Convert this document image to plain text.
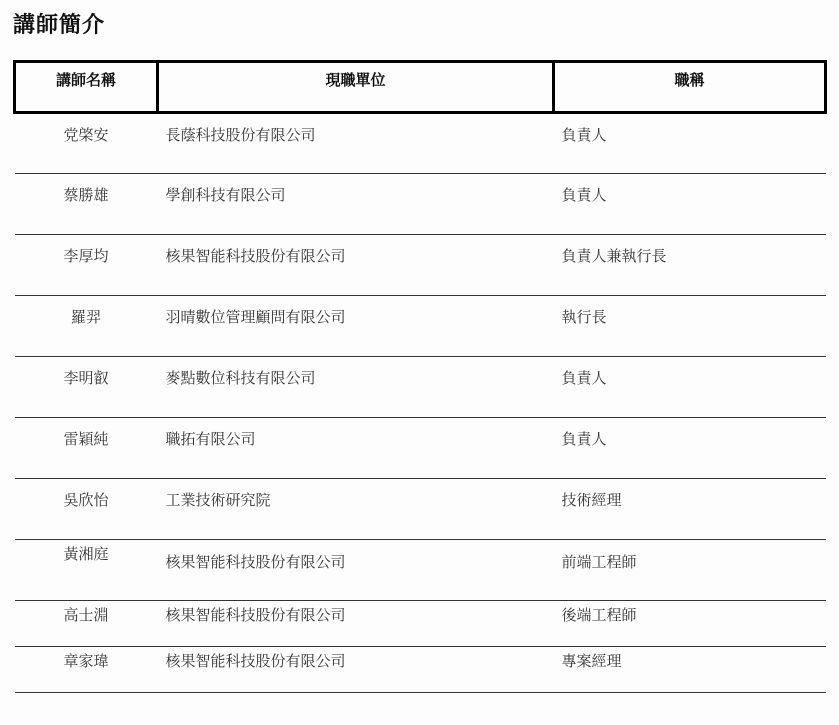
講師簡介
講師名稱	現職單位	職稱
党棨安	長蔭科技股份有限公司	負責人
蔡勝雄	學創科技有限公司	負責人
李厚均	核果智能科技股份有限公司	負責人兼執行長
羅羿	羽晴數位管理顧問有限公司	執行長
李明叡	麥點數位科技有限公司	負責人
雷穎純	職拓有限公司	負責人
吳欣怡	工業技術研究院	技術經理
黃湘庭	核果智能科技股份有限公司	前端工程師
高士淵	核果智能科技股份有限公司	後端工程師
章家瑋	核果智能科技股份有限公司	專案經理
